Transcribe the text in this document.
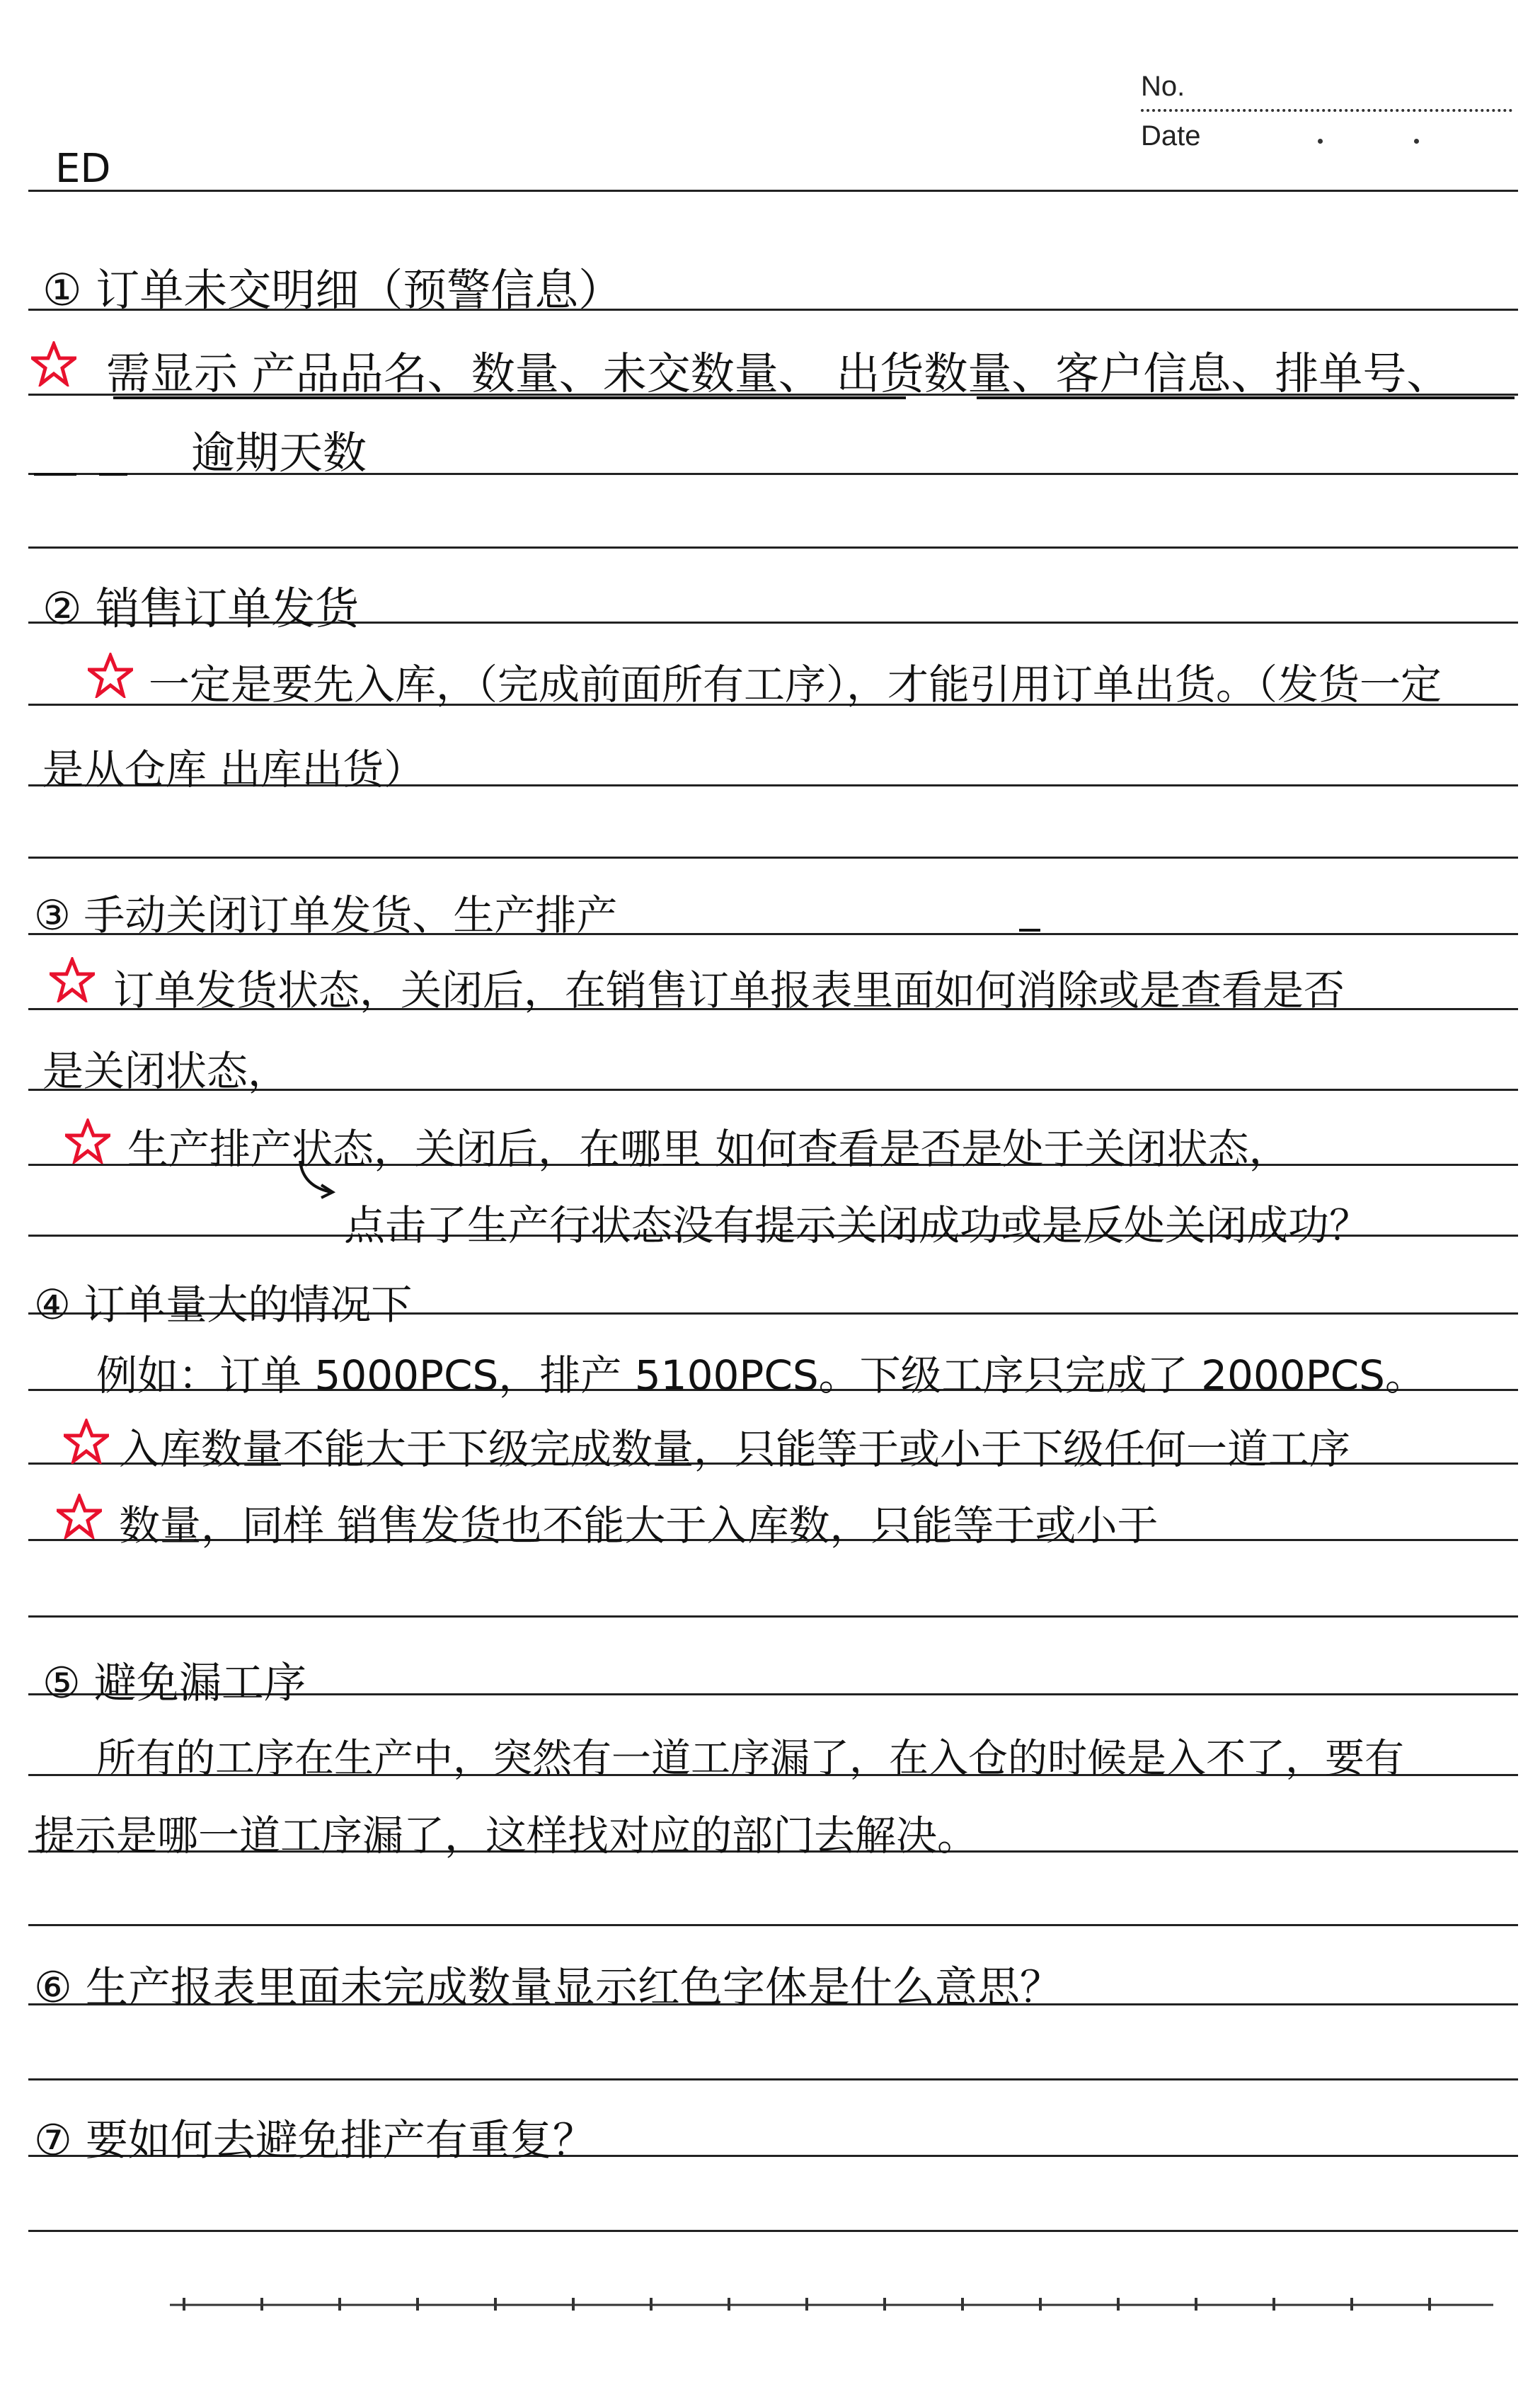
No.
Date
ED
① 订单未交明细（预警信息）
需显示 产品品名、数量、未交数量、 出货数量、客户信息、排单号、
逾期天数
② 销售订单发货
一定是要先入库，（完成前面所有工序），才能引用订单出货。（发货一定
是从仓库 出库出货）
③ 手动关闭订单发货、生产排产
订单发货状态，关闭后，在销售订单报表里面如何消除或是查看是否
是关闭状态，
生产排产状态，关闭后，在哪里 如何查看是否是处于关闭状态，
点击了生产行状态没有提示关闭成功或是反处关闭成功？
④ 订单量大的情况下
例如：订单 5000PCS，排产 5100PCS。下级工序只完成了 2000PCS。
入库数量不能大于下级完成数量，只能等于或小于下级任何一道工序
数量，同样 销售发货也不能大于入库数，只能等于或小于
⑤ 避免漏工序
所有的工序在生产中，突然有一道工序漏了，在入仓的时候是入不了，要有
提示是哪一道工序漏了，这样找对应的部门去解决。
⑥ 生产报表里面未完成数量显示红色字体是什么意思？
⑦ 要如何去避免排产有重复？
